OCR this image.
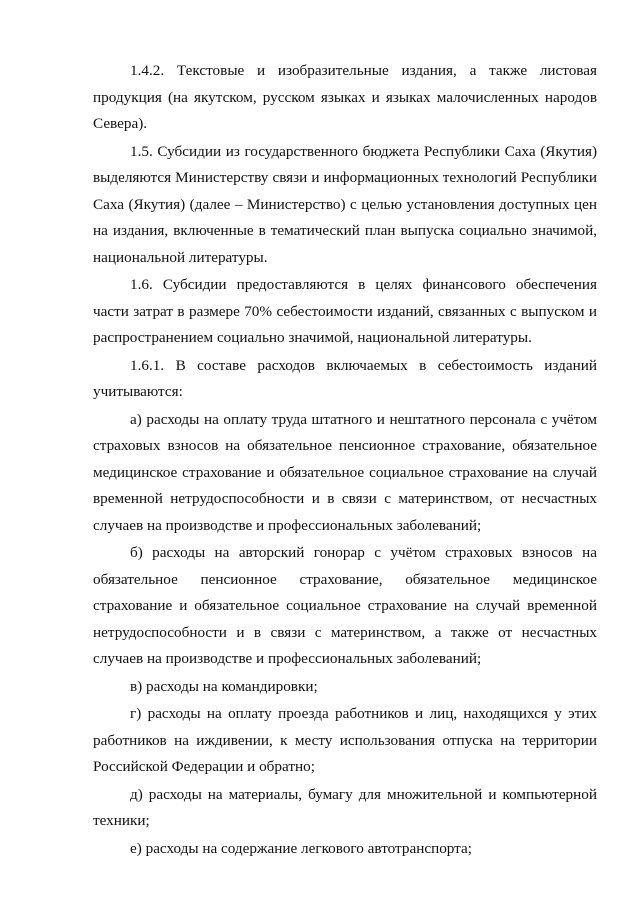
1.4.2. Текстовые и изобразительные издания, а также листовая продукция (на якутском, русском языках и языках малочисленных народов Севера).

1.5. Субсидии из государственного бюджета Республики Саха (Якутия) выделяются Министерству связи и информационных технологий Республики Саха (Якутия) (далее – Министерство) с целью установления доступных цен на издания, включенные в тематический план выпуска социально значимой, национальной литературы.

1.6. Субсидии предоставляются в целях финансового обеспечения части затрат в размере 70% себестоимости изданий, связанных с выпуском и распространением социально значимой, национальной литературы.

1.6.1. В составе расходов включаемых в себестоимость изданий учитываются:

а) расходы на оплату труда штатного и нештатного персонала с учётом страховых взносов на обязательное пенсионное страхование, обязательное медицинское страхование и обязательное социальное страхование на случай временной нетрудоспособности и в связи с материнством, от несчастных случаев на производстве и профессиональных заболеваний;

б) расходы на авторский гонорар с учётом страховых взносов на обязательное пенсионное страхование, обязательное медицинское страхование и обязательное социальное страхование на случай временной нетрудоспособности и в связи с материнством, а также от несчастных случаев на производстве и профессиональных заболеваний;

в) расходы на командировки;

г) расходы на оплату проезда работников и лиц, находящихся у этих работников на иждивении, к месту использования отпуска на территории Российской Федерации и обратно;

д) расходы на материалы, бумагу для множительной и компьютерной техники;

е) расходы на содержание легкового автотранспорта;
